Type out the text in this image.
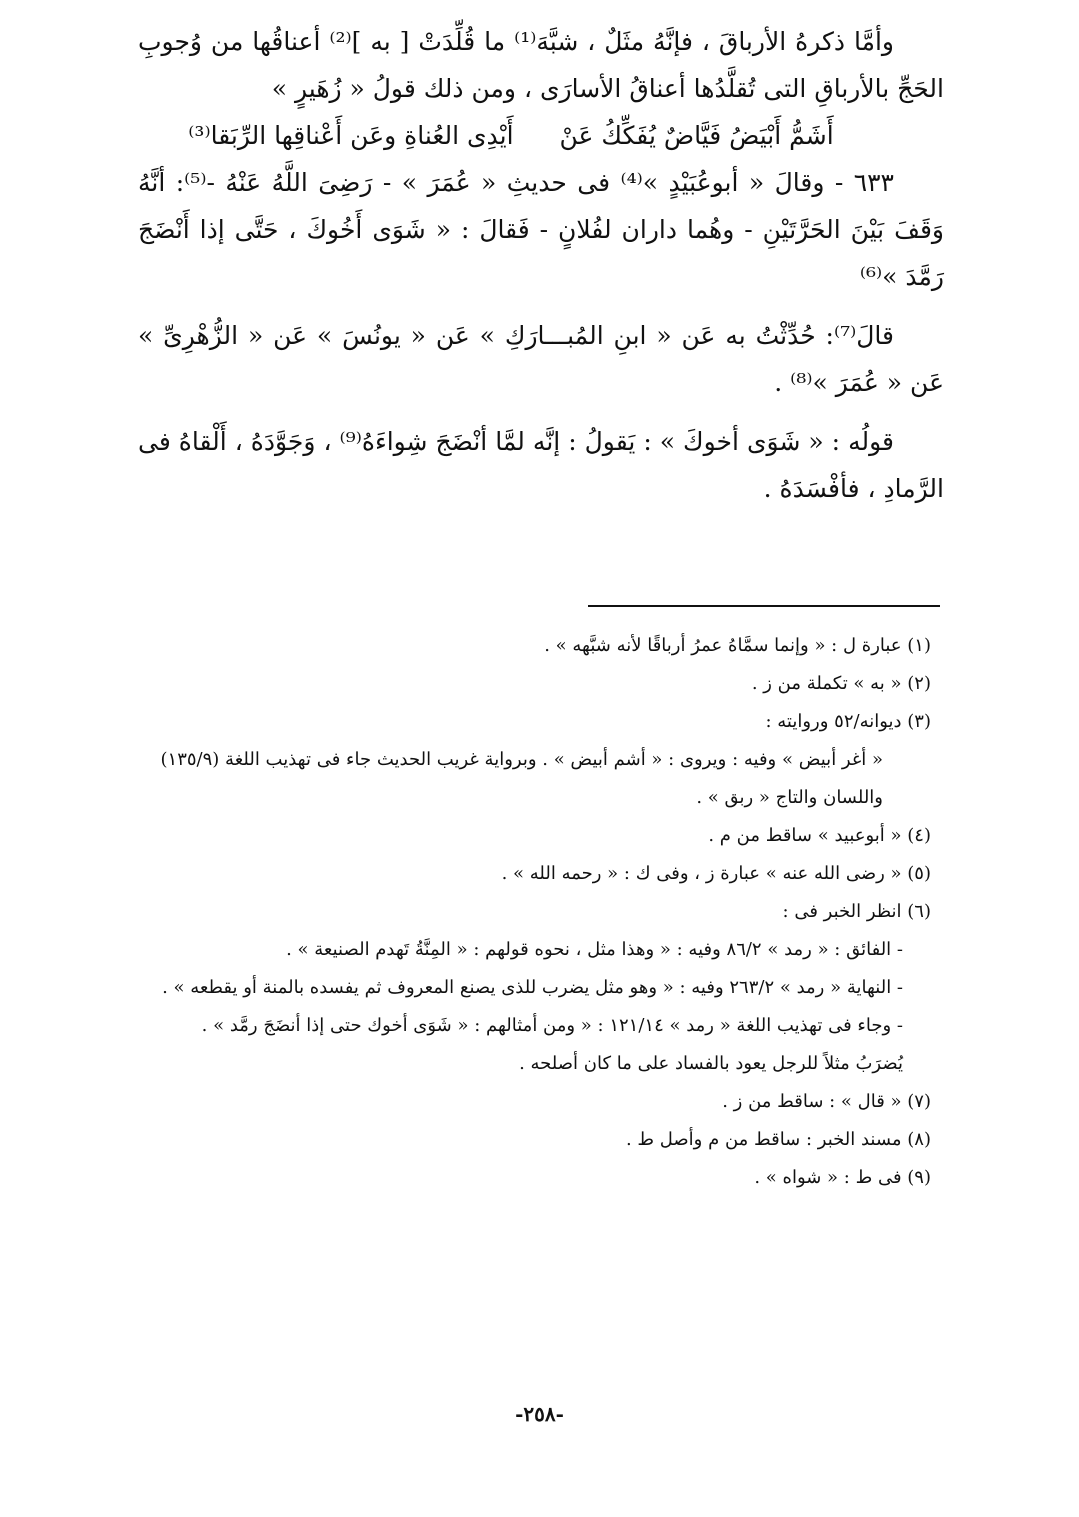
وأمَّا ذكرهُ الأرباقَ ، فإنَّهُ مثَلٌ ، شبَّهَ⁽¹⁾ ما قُلِّدَتْ [ به ]⁽²⁾ أعناقُها من وُجوبِ الحَجِّ بالأرباقِ التى تُقلَّدُها أعناقُ الأسارَى ، ومن ذلك قولُ « زُهَيرٍ »

أَشَمُّ أَبْيَضُ فَيَّاضٌ يُفَكِّكُ عَنْ أَيْدِى العُناةِ وعَن أَعْناقِها الرِّبَقا⁽³⁾

٦٣٣ - وقالَ « أبوعُبَيْدٍ »⁽⁴⁾ فى حديثِ « عُمَرَ » - رَضِىَ اللَّهُ عَنْهُ -⁽⁵⁾: أنَّهُ وَقَفَ بَيْنَ الحَرَّتَيْنِ - وهُما داران لفُلانٍ - فَقالَ : « شَوَى أَخُوكَ ، حَتَّى إذا أَنْضَجَ رَمَّدَ »⁽⁶⁾

قالَ⁽⁷⁾: حُدِّثْتُ به عَن « ابنِ المُبـــارَكِ » عَن « يونُسَ » عَن « الزُّهْرِىِّ » عَن « عُمَرَ »⁽⁸⁾ .

قولُه : « شَوَى أخوكَ » : يَقولُ : إنَّه لمَّا أنْضَجَ شِواءَهُ⁽⁹⁾ ، وَجَوَّدَهُ ، أَلْقاهُ فى الرَّمادِ ، فأفْسَدَهُ .

(١) عبارة ل : « وإنما سمَّاهُ عمرُ أرباقًا لأنه شبَّهه » .

(٢) « به » تكملة من ز .

(٣) ديوانه/٥٢ وروايته :

« أغر أبيض » وفيه : ويروى : « أشم أبيض » . وبرواية غريب الحديث جاء فى تهذيب اللغة (١٣٥/٩) واللسان والتاج « ربق » .

(٤) « أبوعبيد » ساقط من م .

(٥) « رضى الله عنه » عبارة ز ، وفى ك : « رحمه الله » .

(٦) انظر الخبر فى :

- الفائق : « رمد » ٨٦/٢ وفيه : « وهذا مثل ، نحوه قولهم : « المِنَّةُ تَهدم الصنيعة » .

- النهاية « رمد » ٢٦٣/٢ وفيه : « وهو مثل يضرب للذى يصنع المعروف ثم يفسده بالمنة أو يقطعه » .

- وجاء فى تهذيب اللغة « رمد » ١٢١/١٤ : « ومن أمثالهم : « شَوَى أخوك حتى إذا أنضَجَ رمَّد » . يُضرَبُ مثلاً للرجل يعود بالفساد على ما كان أصلحه .

(٧) « قال » : ساقط من ز .

(٨) مسند الخبر : ساقط من م وأصل ط .

(٩) فى ط : « شواه » .

-٢٥٨-
